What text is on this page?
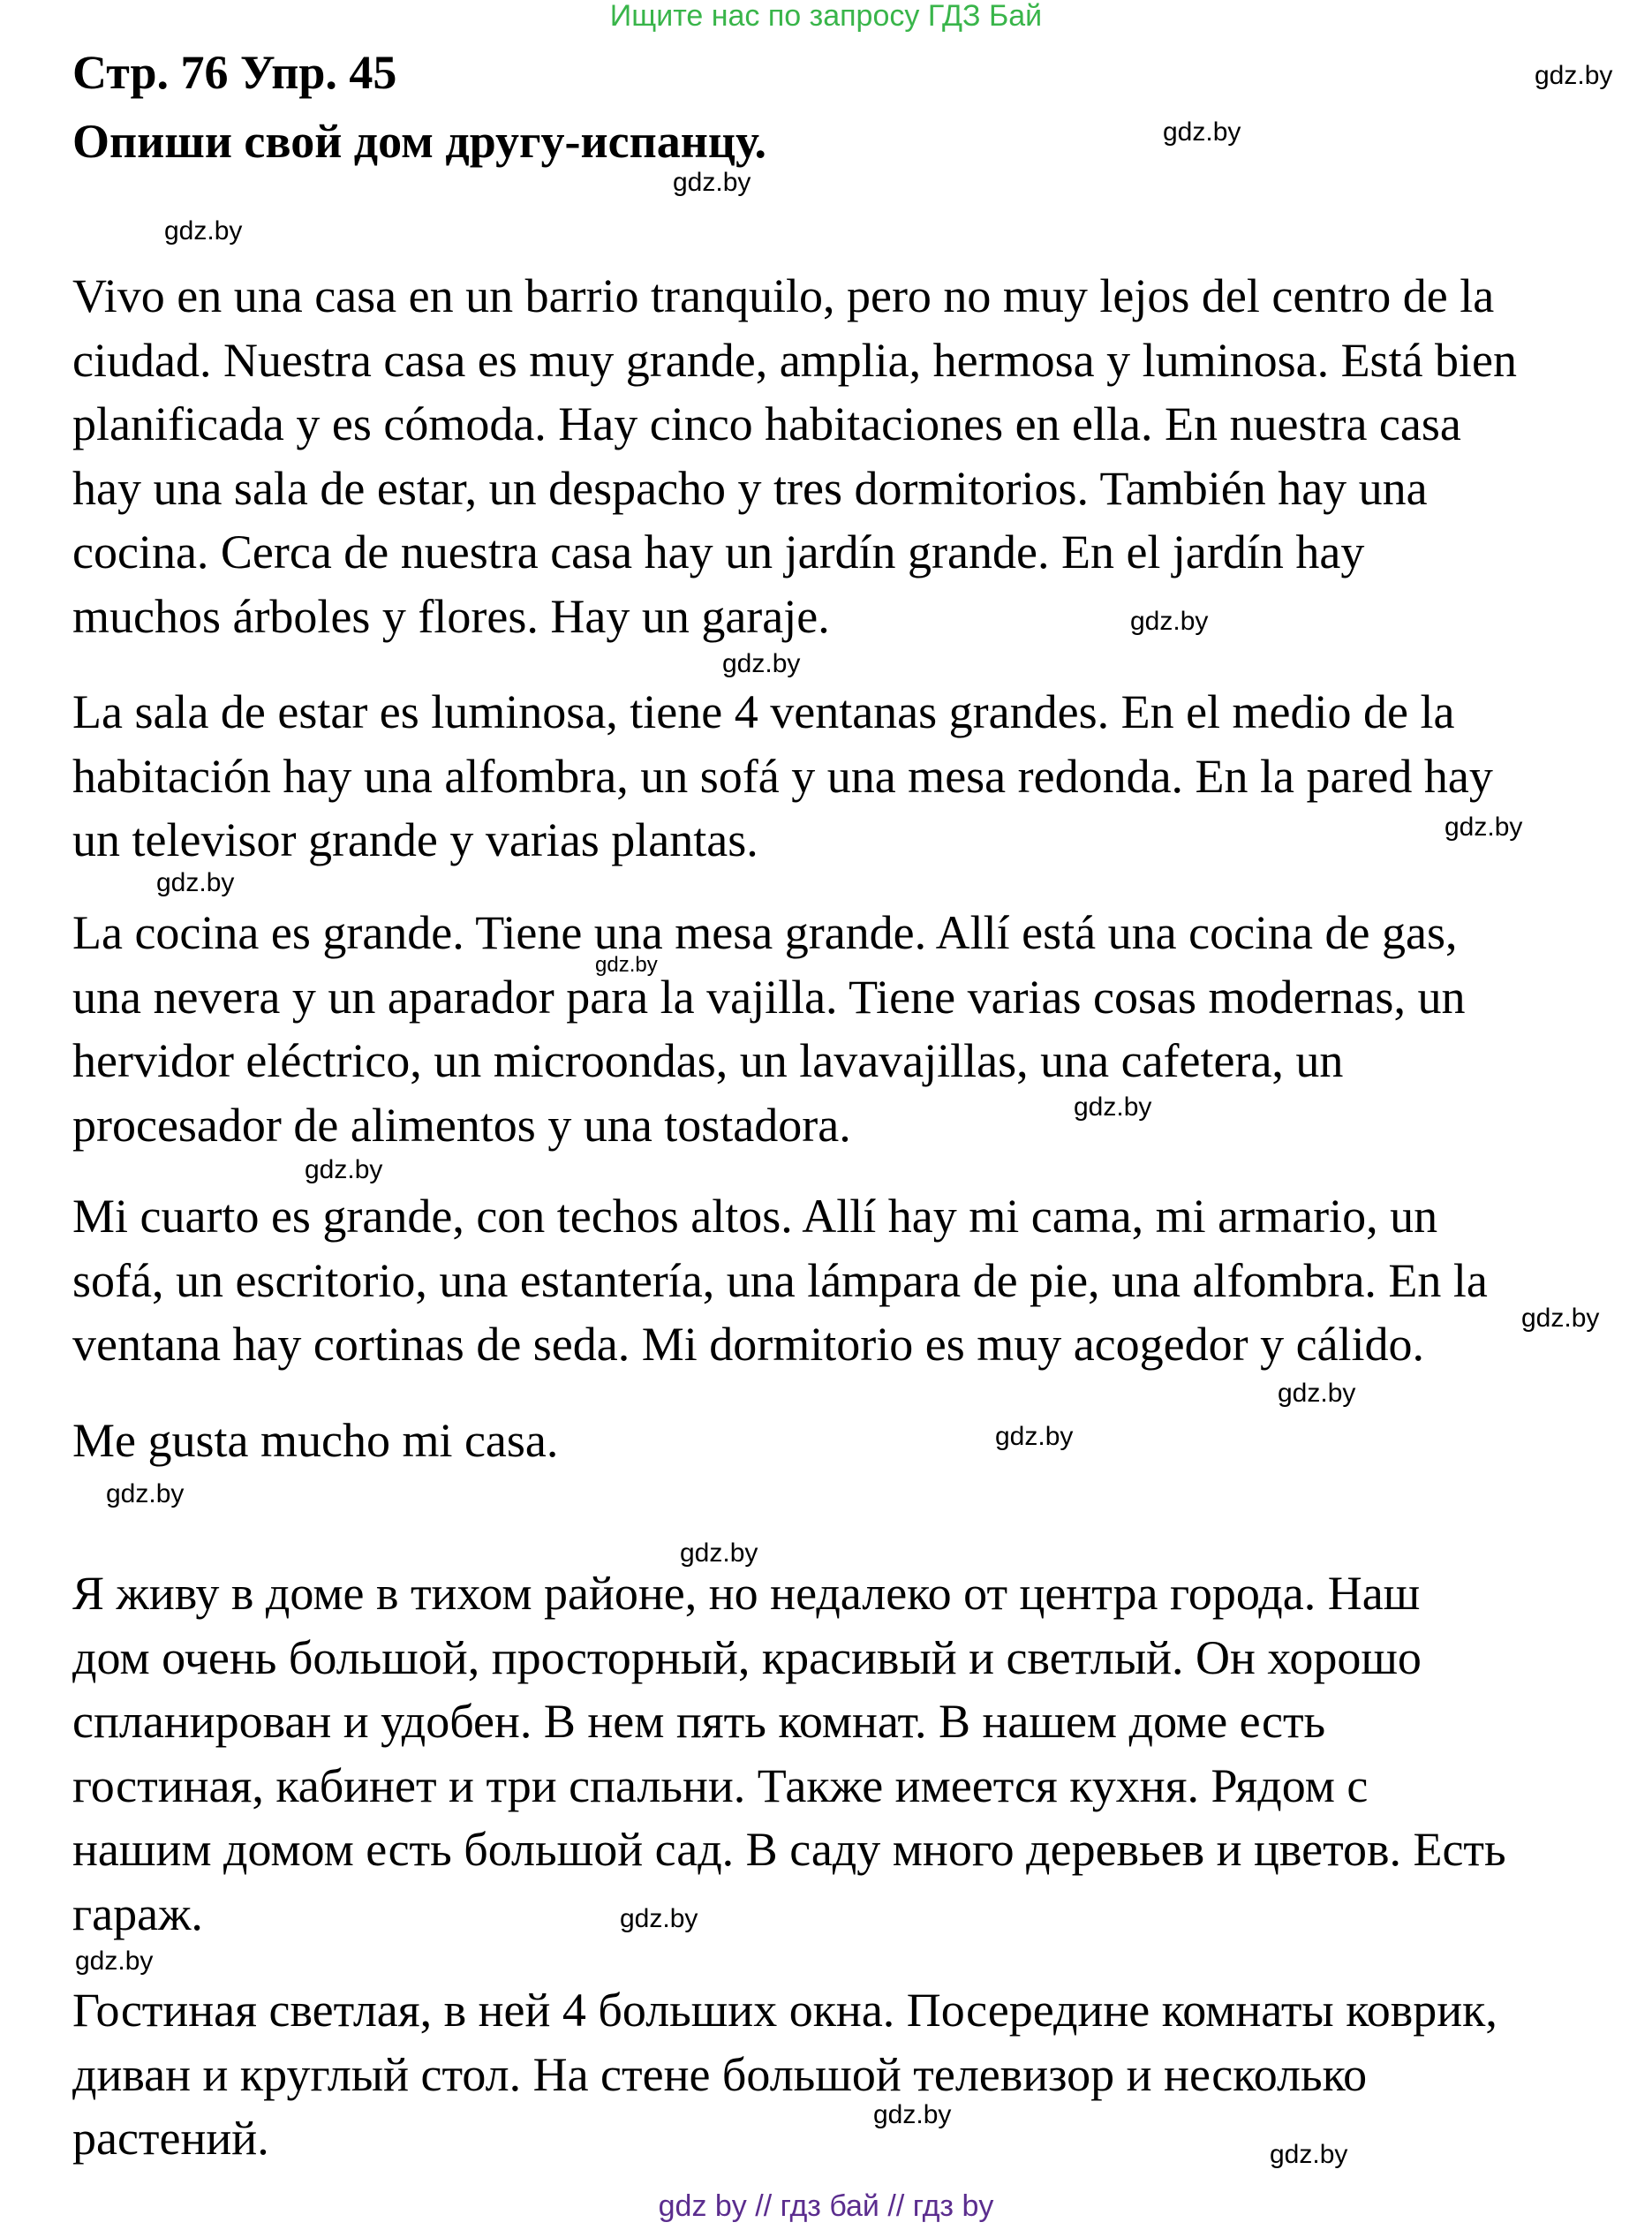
Ищите нас по запросу ГДЗ Бай
Стр. 76 Упр. 45
Опиши свой дом другу-испанцу.

Vivo en una casa en un barrio tranquilo, pero no muy lejos del centro de la
ciudad. Nuestra casa es muy grande, amplia, hermosa y luminosa. Está bien
planificada y es cómoda. Hay cinco habitaciones en ella. En nuestra casa
hay una sala de estar, un despacho y tres dormitorios. También hay una
cocina. Cerca de nuestra casa hay un jardín grande. En el jardín hay
muchos árboles y flores. Hay un garaje.

La sala de estar es luminosa, tiene 4 ventanas grandes. En el medio de la
habitación hay una alfombra, un sofá y una mesa redonda. En la pared hay
un televisor grande y varias plantas.

La cocina es grande. Tiene una mesa grande. Allí está una cocina de gas,
una nevera y un aparador para la vajilla. Tiene varias cosas modernas, un
hervidor eléctrico, un microondas, un lavavajillas, una cafetera, un
procesador de alimentos y una tostadora.

Mi cuarto es grande, con techos altos. Allí hay mi cama, mi armario, un
sofá, un escritorio, una estantería, una lámpara de pie, una alfombra. En la
ventana hay cortinas de seda. Mi dormitorio es muy acogedor y cálido.

Me gusta mucho mi casa.

Я живу в доме в тихом районе, но недалеко от центра города. Наш
дом очень большой, просторный, красивый и светлый. Он хорошо
спланирован и удобен. В нем пять комнат. В нашем доме есть
гостиная, кабинет и три спальни. Также имеется кухня. Рядом с
нашим домом есть большой сад. В саду много деревьев и цветов. Есть
гараж.

Гостиная светлая, в ней 4 больших окна. Посередине комнаты коврик,
диван и круглый стол. На стене большой телевизор и несколько
растений.

gdz.by
gdz.by
gdz.by
gdz.by
gdz.by
gdz.by
gdz.by
gdz.by
gdz.by
gdz.by
gdz.by
gdz.by
gdz.by
gdz.by
gdz.by
gdz.by
gdz.by
gdz.by
gdz.by
gdz.by
gdz by // гдз бай // гдз by
